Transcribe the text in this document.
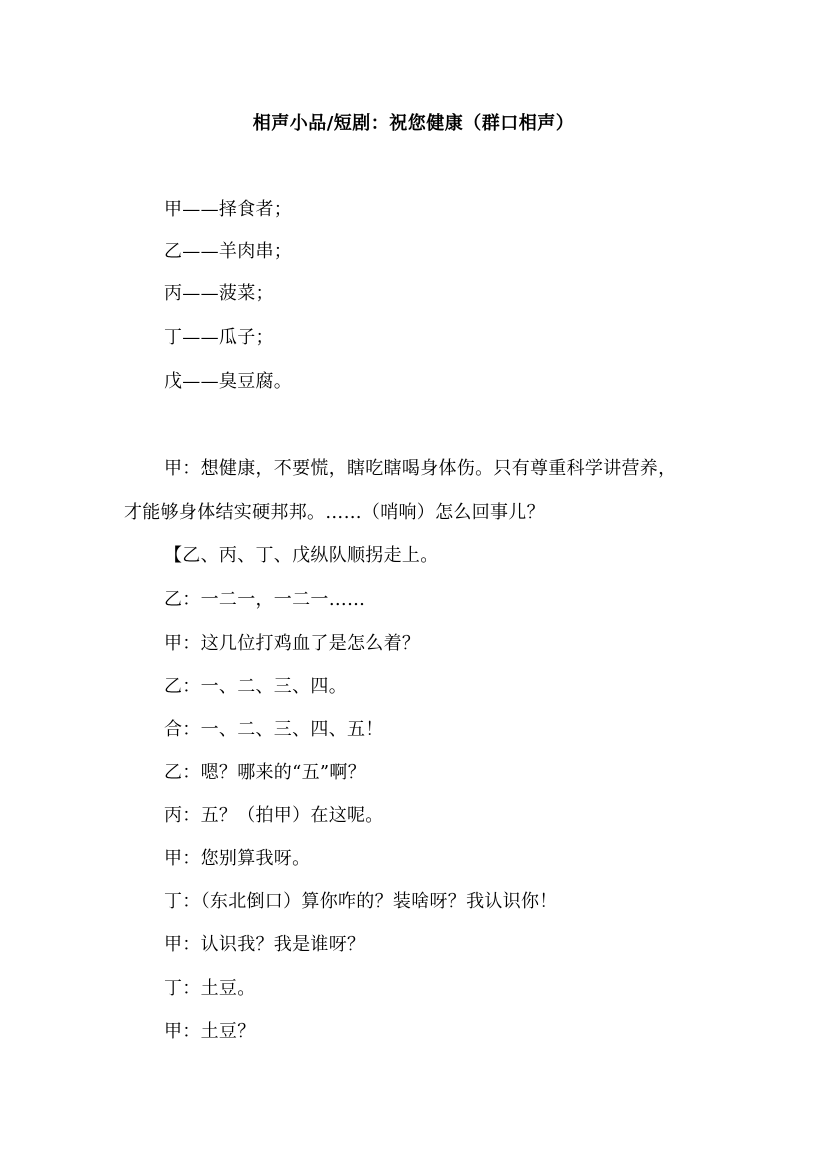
相声小品/短剧：祝您健康（群口相声）
甲——择食者；
乙——羊肉串；
丙——菠菜；
丁——瓜子；
戊——臭豆腐。
甲：想健康，不要慌，瞎吃瞎喝身体伤。只有尊重科学讲营养，
才能够身体结实硬邦邦。……（哨响）怎么回事儿？
【乙、丙、丁、戊纵队顺拐走上。
乙：一二一，一二一……
甲：这几位打鸡血了是怎么着？
乙：一、二、三、四。
合：一、二、三、四、五！
乙：嗯？哪来的“五”啊？
丙：五？（拍甲）在这呢。
甲：您别算我呀。
丁：（东北倒口）算你咋的？装啥呀？我认识你！
甲：认识我？我是谁呀？
丁：土豆。
甲：土豆？
